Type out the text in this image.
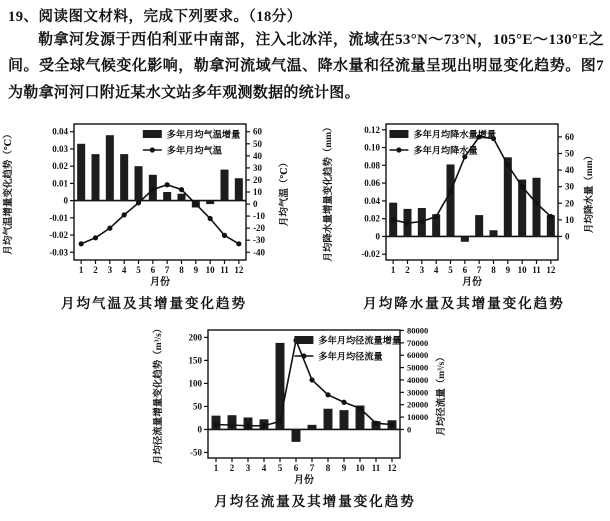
19、阅读图文材料，完成下列要求。（18分）
勒拿河发源于西伯利亚中南部，注入北冰洋，流域在53°N～73°N，105°E～130°E之间。受全球气候变化影响，勒拿河流域气温、降水量和径流量呈现出明显变化趋势。图7为勒拿河河口附近某水文站多年观测数据的统计图。
0.04
0.03
0.02
0.01
0
-0.01
-0.02
-0.03
月均气温增量变化趋势（℃）	60
50
40
30
20
10
0
-10
-20
-30
-40
月均气温（℃）
1 2 3 4 5 6 7 8 9 10 11 12
月份
多年月均气温增量
多年月均气温
月均气温及其增量变化趋势
0.12
0.10
0.08
0.06
0.04
0.02
0
-0.02
月均降水量增量变化趋势（mm）	60
50
40
30
20
10
0
月均降水量（mm）
1 2 3 4 5 6 7 8 9 10 11 12
月份
多年月均降水量增量
多年月均降水量
月均降水量及其增量变化趋势
200
150
100
50
0
-50
月均径流量增量变化趋势（m³/s）	80000
70000
60000
50000
40000
30000
20000
10000
0	月均径流量（m³/s）
1 2 3 4 5 6 7 8 9 10 11 12
月份
多年月均径流量增量
多年月均径流量
月均径流量及其增量变化趋势
